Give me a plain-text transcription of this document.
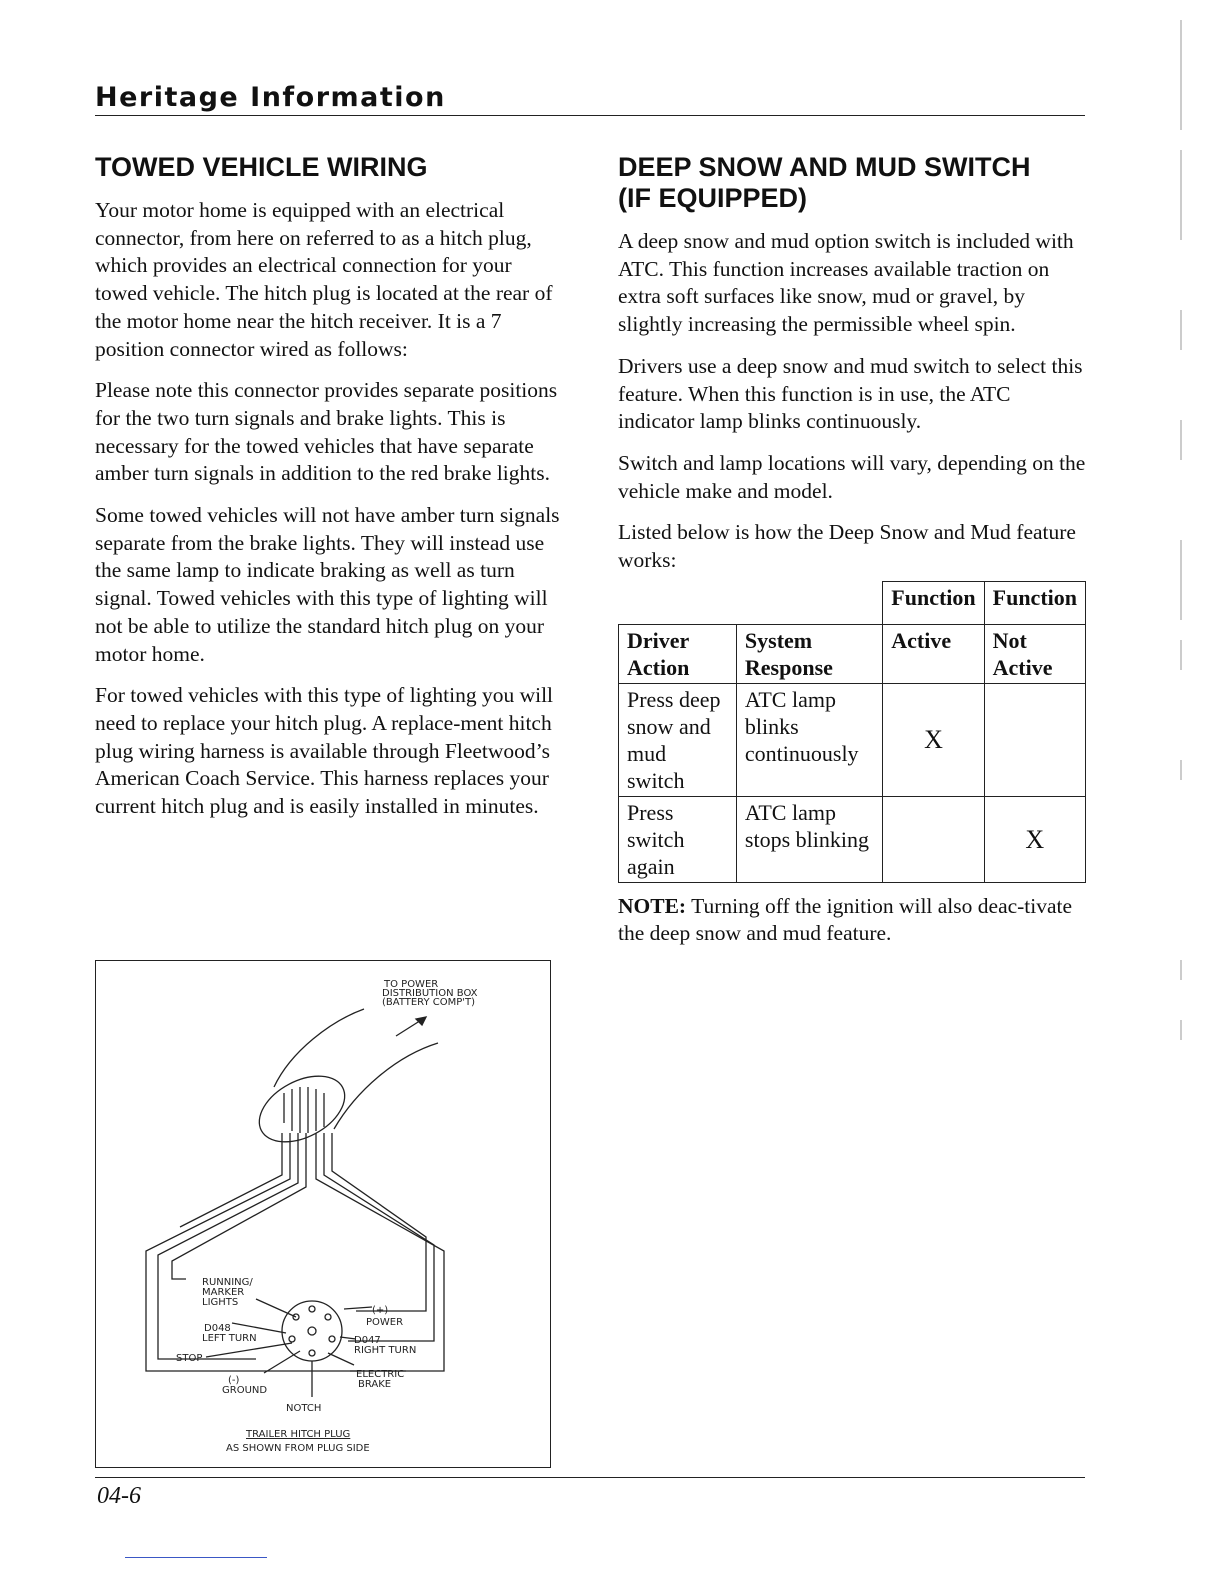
Heritage Information
TOWED VEHICLE WIRING

Your motor home is equipped with an electrical connector, from here on referred to as a hitch plug, which provides an electrical connection for your towed vehicle. The hitch plug is located at the rear of the motor home near the hitch receiver. It is a 7 position connector wired as follows:

Please note this connector provides separate positions for the two turn signals and brake lights. This is necessary for the towed vehicles that have separate amber turn signals in addition to the red brake lights.

Some towed vehicles will not have amber turn signals separate from the brake lights. They will instead use the same lamp to indicate braking as well as turn signal. Towed vehicles with this type of lighting will not be able to utilize the standard hitch plug on your motor home.

For towed vehicles with this type of lighting you will need to replace your hitch plug. A replace-ment hitch plug wiring harness is available through Fleetwood’s American Coach Service. This harness replaces your current hitch plug and is easily installed in minutes.

TO POWER
DISTRIBUTION BOX
(BATTERY COMP'T)
RUNNING/
MARKER
LIGHTS
D048
LEFT TURN
STOP
(-)
GROUND
NOTCH
(+)
POWER
D047
RIGHT TURN
ELECTRIC
BRAKE
TRAILER HITCH PLUG
AS SHOWN FROM PLUG SIDE
DEEP SNOW AND MUD SWITCH
(IF EQUIPPED)

A deep snow and mud option switch is included with ATC. This function increases available traction on extra soft surfaces like snow, mud or gravel, by slightly increasing the permissible wheel spin.

Drivers use a deep snow and mud switch to select this feature. When this function is in use, the ATC indicator lamp blinks continuously.

Switch and lamp locations will vary, depending on the vehicle make and model.

Listed below is how the Deep Snow and Mud feature works:

		Function	Function
Driver Action	System Response	Active	Not Active
Press deep snow and mud switch	ATC lamp blinks continuously	X	
Press switch again	ATC lamp stops blinking		X

NOTE: Turning off the ignition will also deac-tivate the deep snow and mud feature.

04-6
